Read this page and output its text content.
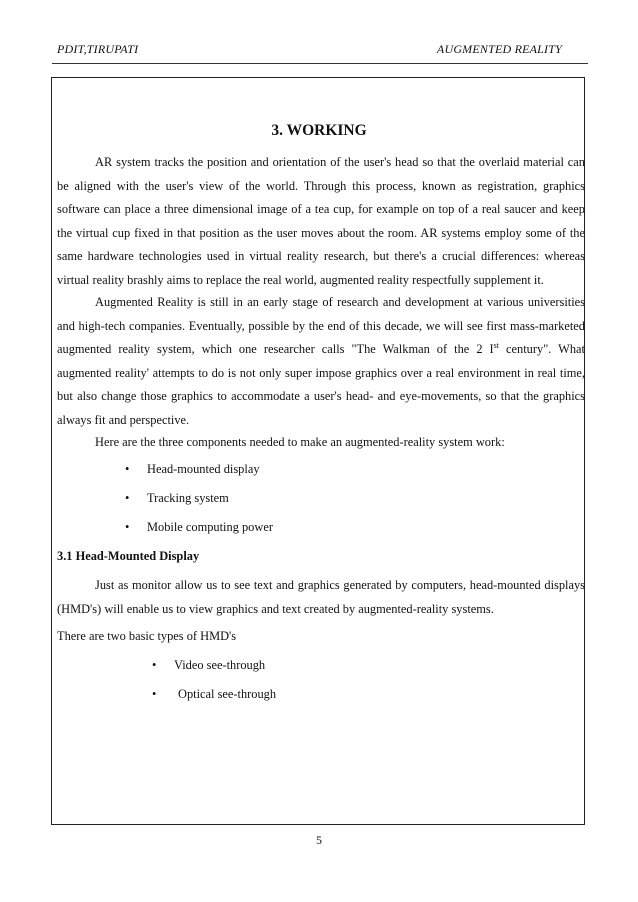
PDIT,TIRUPATI	AUGMENTED REALITY
3. WORKING

AR system tracks the position and orientation of the user's head so that the overlaid material can be aligned with the user's view of the world. Through this process, known as registration, graphics software can place a three dimensional image of a tea cup, for example on top of a real saucer and keep the virtual cup fixed in that position as the user moves about the room. AR systems employ some of the same hardware technologies used in virtual reality research, but there's a crucial differences: whereas virtual reality brashly aims to replace the real world, augmented reality respectfully supplement it.

Augmented Reality is still in an early stage of research and development at various universities and high-tech companies. Eventually, possible by the end of this decade, we will see first mass-marketed augmented reality system, which one researcher calls "The Walkman of the 2 Ist century". What augmented reality' attempts to do is not only super impose graphics over a real environment in real time, but also change those graphics to accommodate a user's head- and eye-movements, so that the graphics always fit and perspective.

Here are the three components needed to make an augmented-reality system work:

• Head-mounted display
• Tracking system
• Mobile computing power
3.1 Head-Mounted Display

Just as monitor allow us to see text and graphics generated by computers, head-mounted displays (HMD's) will enable us to view graphics and text created by augmented-reality systems.

There are two basic types of HMD's
• Video see-through
• Optical see-through
5
